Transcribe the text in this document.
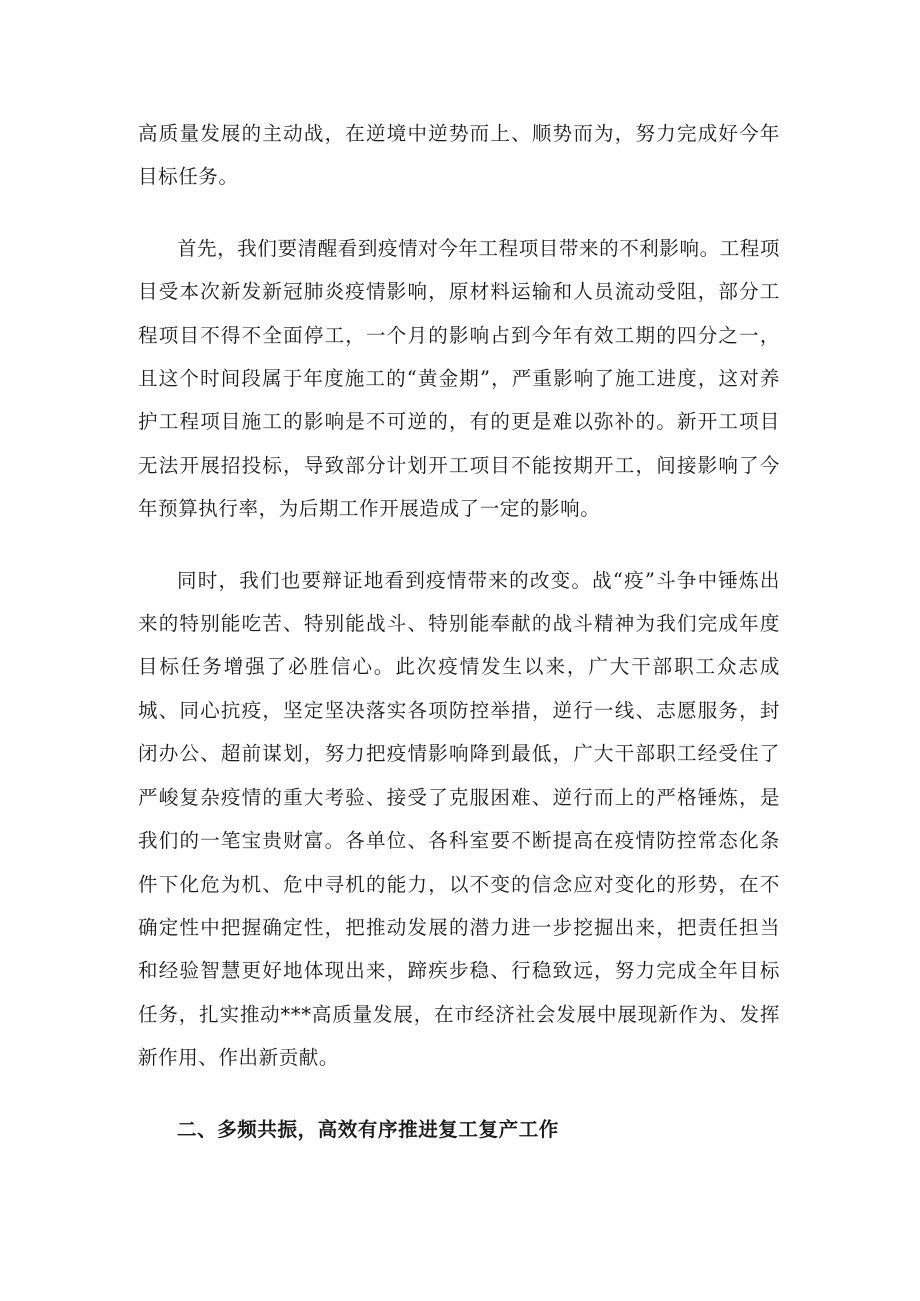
高质量发展的主动战，在逆境中逆势而上、顺势而为，努力完成好今年目标任务。

首先，我们要清醒看到疫情对今年工程项目带来的不利影响。工程项目受本次新发新冠肺炎疫情影响，原材料运输和人员流动受阻，部分工程项目不得不全面停工，一个月的影响占到今年有效工期的四分之一，且这个时间段属于年度施工的“黄金期”，严重影响了施工进度，这对养护工程项目施工的影响是不可逆的，有的更是难以弥补的。新开工项目无法开展招投标，导致部分计划开工项目不能按期开工，间接影响了今年预算执行率，为后期工作开展造成了一定的影响。

同时，我们也要辩证地看到疫情带来的改变。战“疫”斗争中锤炼出来的特别能吃苦、特别能战斗、特别能奉献的战斗精神为我们完成年度目标任务增强了必胜信心。此次疫情发生以来，广大干部职工众志成城、同心抗疫，坚定坚决落实各项防控举措，逆行一线、志愿服务，封闭办公、超前谋划，努力把疫情影响降到最低，广大干部职工经受住了严峻复杂疫情的重大考验、接受了克服困难、逆行而上的严格锤炼，是我们的一笔宝贵财富。各单位、各科室要不断提高在疫情防控常态化条件下化危为机、危中寻机的能力，以不变的信念应对变化的形势，在不确定性中把握确定性，把推动发展的潜力进一步挖掘出来，把责任担当和经验智慧更好地体现出来，蹄疾步稳、行稳致远，努力完成全年目标任务，扎实推动***高质量发展，在市经济社会发展中展现新作为、发挥新作用、作出新贡献。

二、多频共振，高效有序推进复工复产工作
